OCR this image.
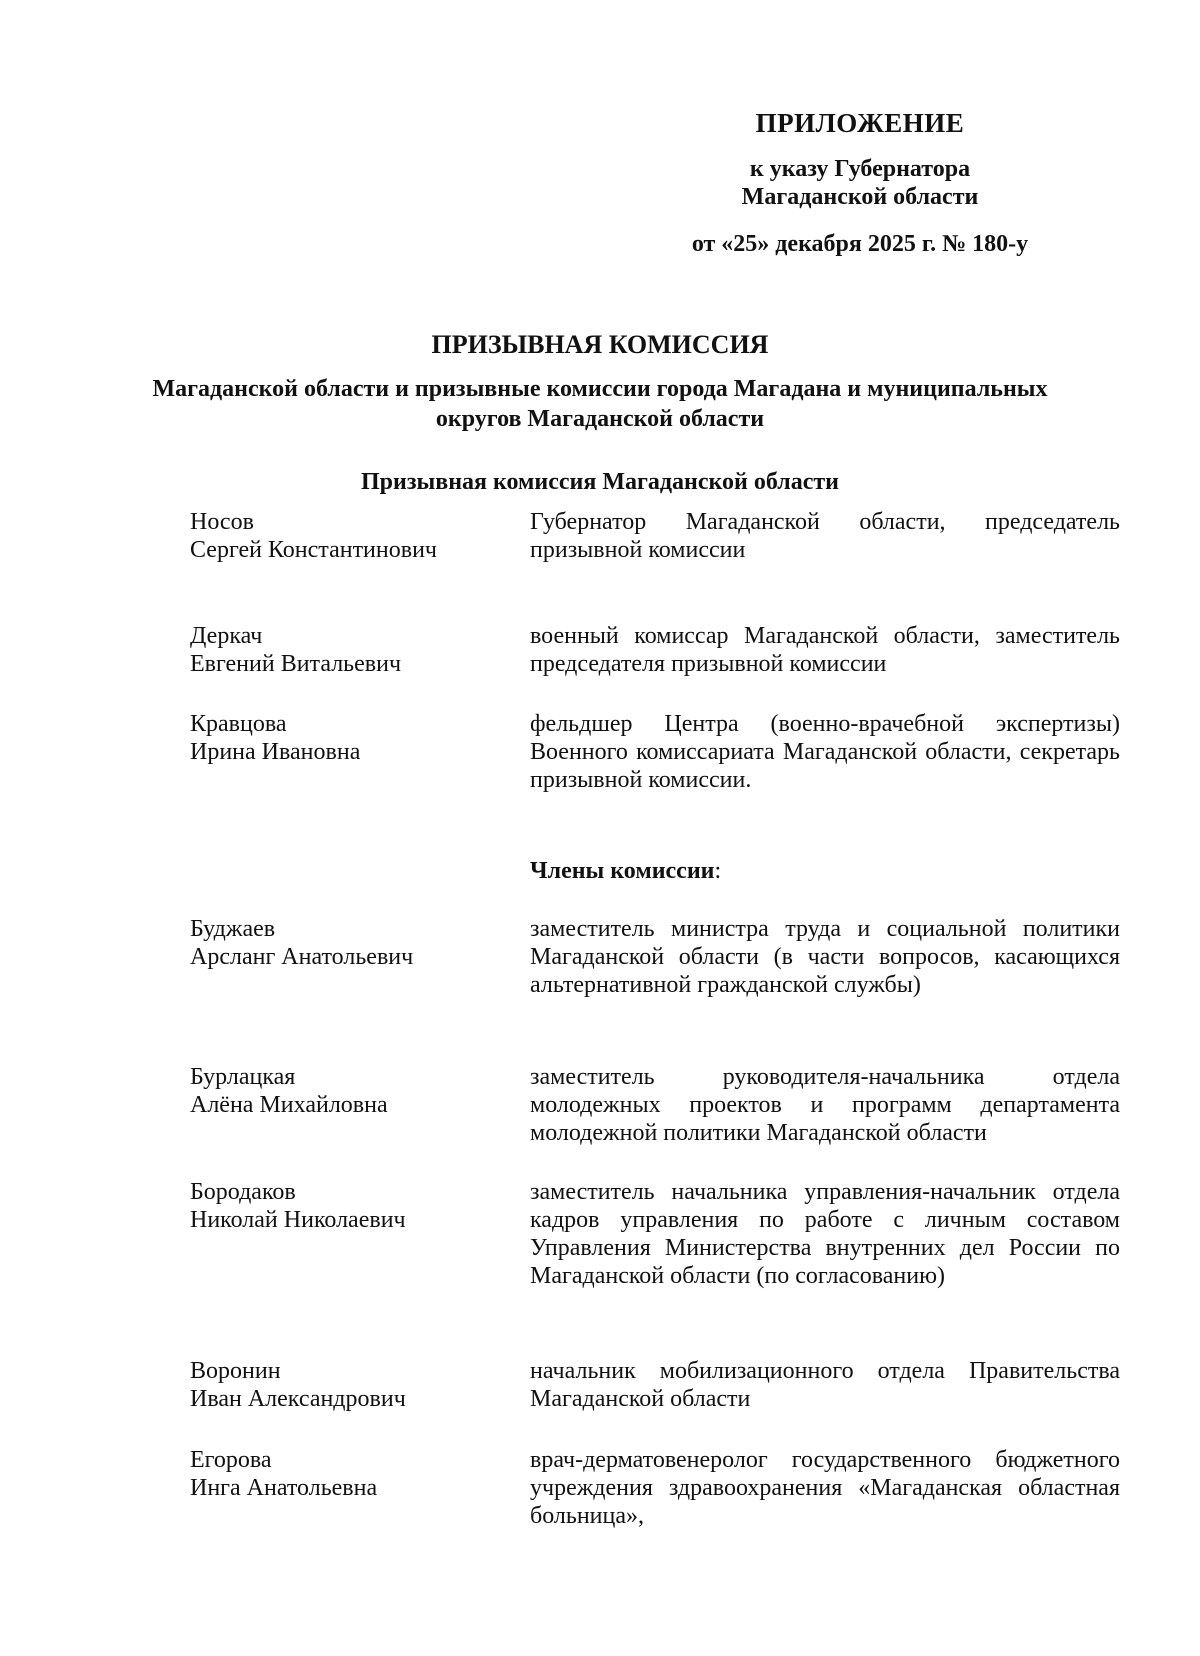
ПРИЛОЖЕНИЕ
к указу Губернатора
Магаданской области
от «25» декабря 2025 г. № 180-у
ПРИЗЫВНАЯ КОМИССИЯ
Магаданской области и призывные комиссии города Магадана и муниципальных округов Магаданской области
Призывная комиссия Магаданской области
Носов
Сергей Константинович
Губернатор Магаданской области, председатель призывной комиссии
Деркач
Евгений Витальевич
военный комиссар Магаданской области, заместитель председателя призывной комиссии
Кравцова
Ирина Ивановна
фельдшер Центра (военно-врачебной экспертизы) Военного комиссариата Магаданской области, секретарь призывной комиссии.
Члены комиссии:
Буджаев
Арсланг Анатольевич
заместитель министра труда и социальной политики Магаданской области (в части вопросов, касающихся альтернативной гражданской службы)
Бурлацкая
Алёна Михайловна
заместитель руководителя-начальника отдела молодежных проектов и программ департамента молодежной политики Магаданской области
Бородаков
Николай Николаевич
заместитель начальника управления-начальник отдела кадров управления по работе с личным составом Управления Министерства внутренних дел России по Магаданской области (по согласованию)
Воронин
Иван Александрович
начальник мобилизационного отдела Правительства Магаданской области
Егорова
Инга Анатольевна
врач-дерматовенеролог государственного бюджетного учреждения здравоохранения «Магаданская областная больница»,
